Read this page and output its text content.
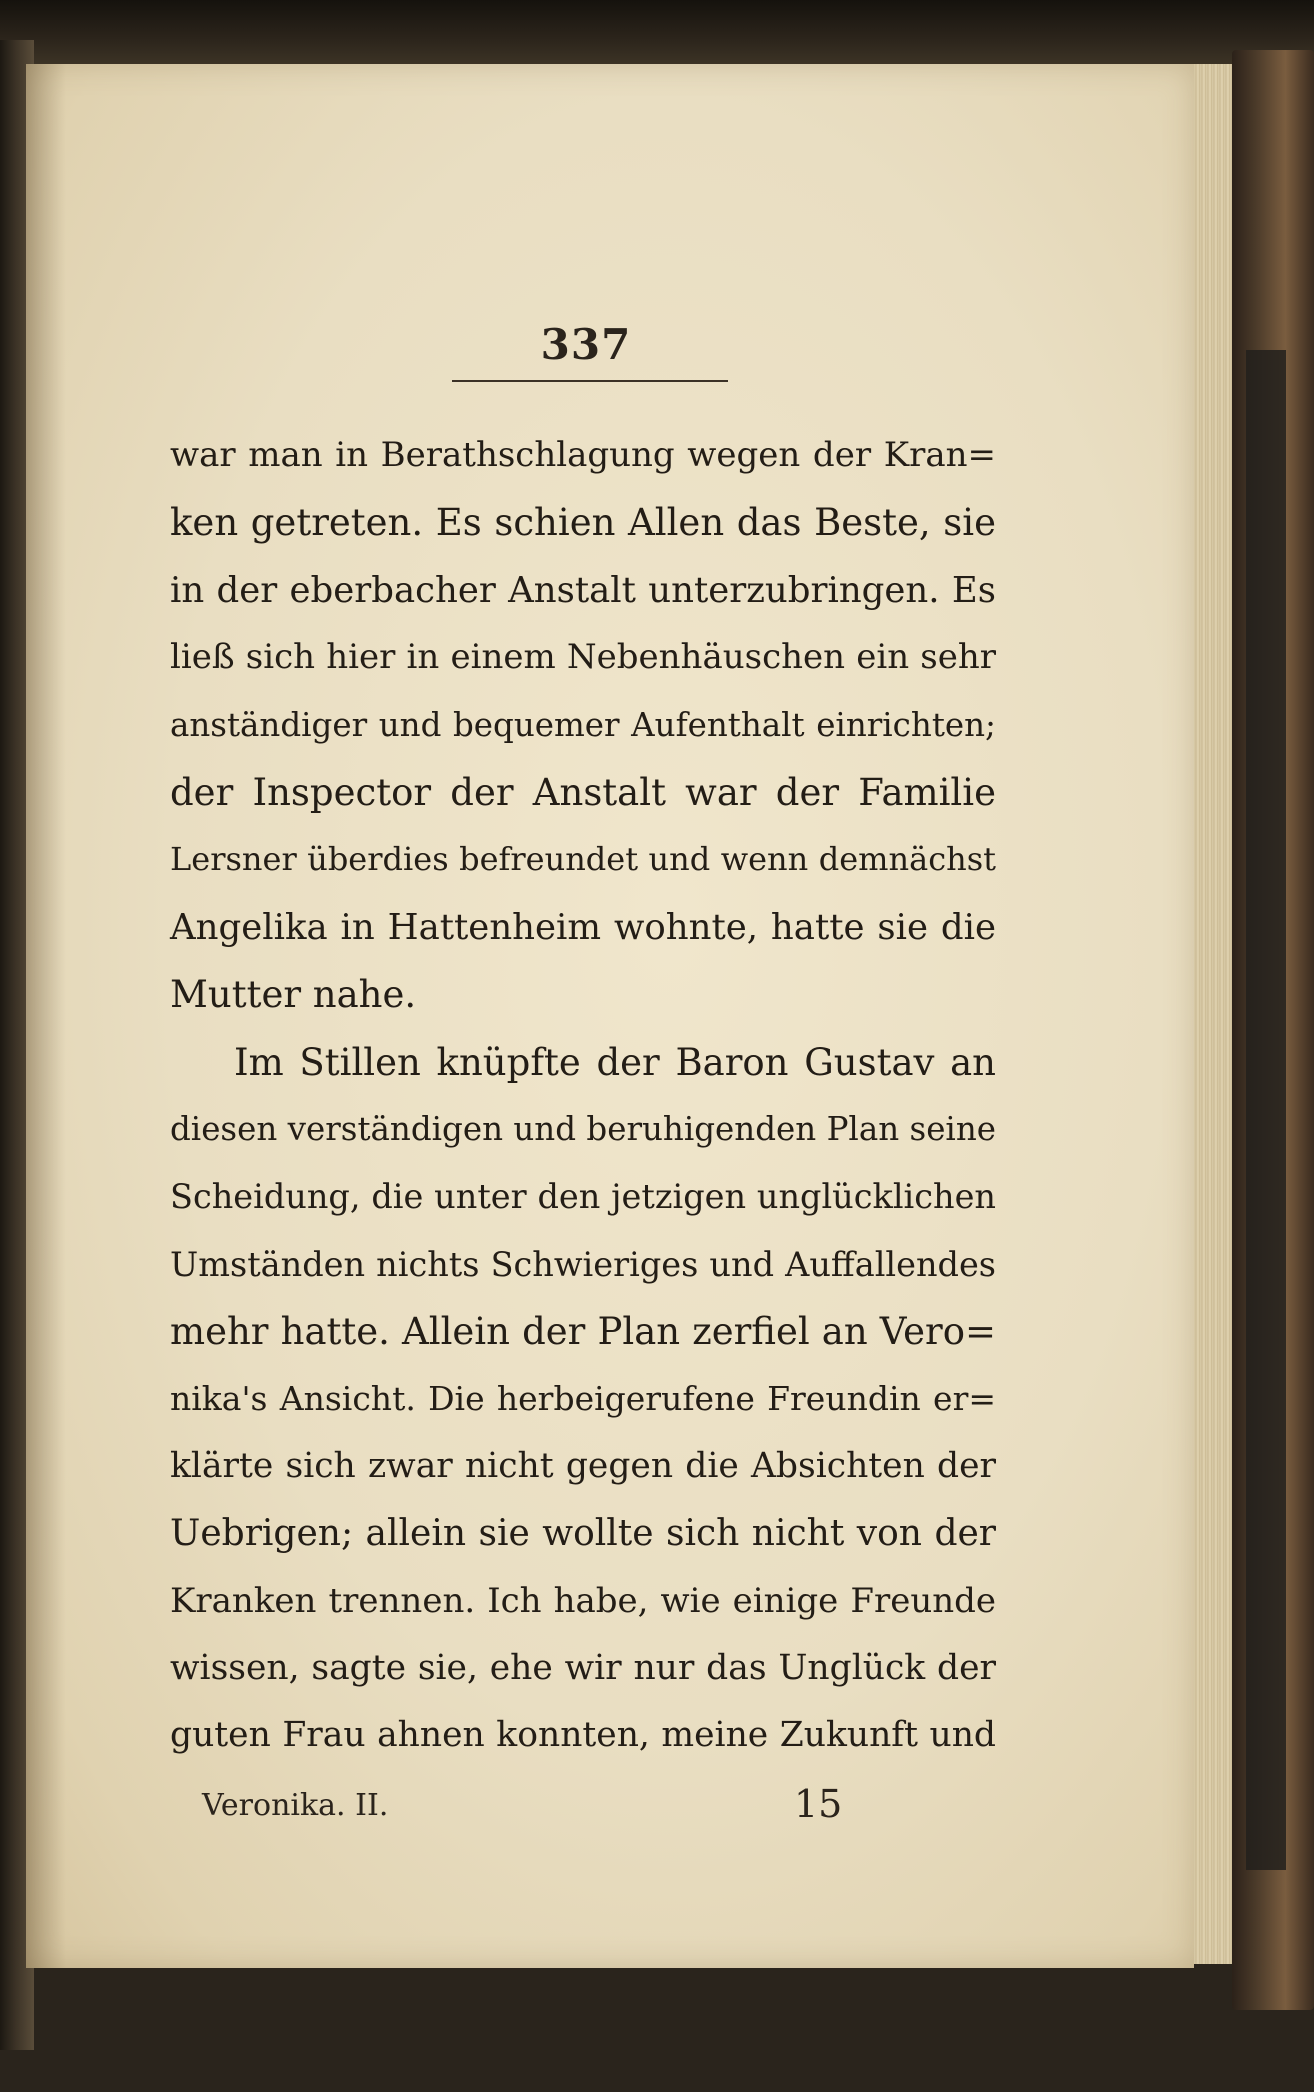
337
war man in Berathschlagung wegen der Kran=
ken getreten. Es schien Allen das Beste, sie
in der eberbacher Anstalt unterzubringen. Es
ließ sich hier in einem Nebenhäuschen ein sehr
anständiger und bequemer Aufenthalt einrichten;
der Inspector der Anstalt war der Familie
Lersner überdies befreundet und wenn demnächst
Angelika in Hattenheim wohnte, hatte sie die
Mutter nahe.
Im Stillen knüpfte der Baron Gustav an
diesen verständigen und beruhigenden Plan seine
Scheidung, die unter den jetzigen unglücklichen
Umständen nichts Schwieriges und Auffallendes
mehr hatte. Allein der Plan zerfiel an Vero=
nika's Ansicht. Die herbeigerufene Freundin er=
klärte sich zwar nicht gegen die Absichten der
Uebrigen; allein sie wollte sich nicht von der
Kranken trennen. Ich habe, wie einige Freunde
wissen, sagte sie, ehe wir nur das Unglück der
guten Frau ahnen konnten, meine Zukunft und
Veronika. II.	15
